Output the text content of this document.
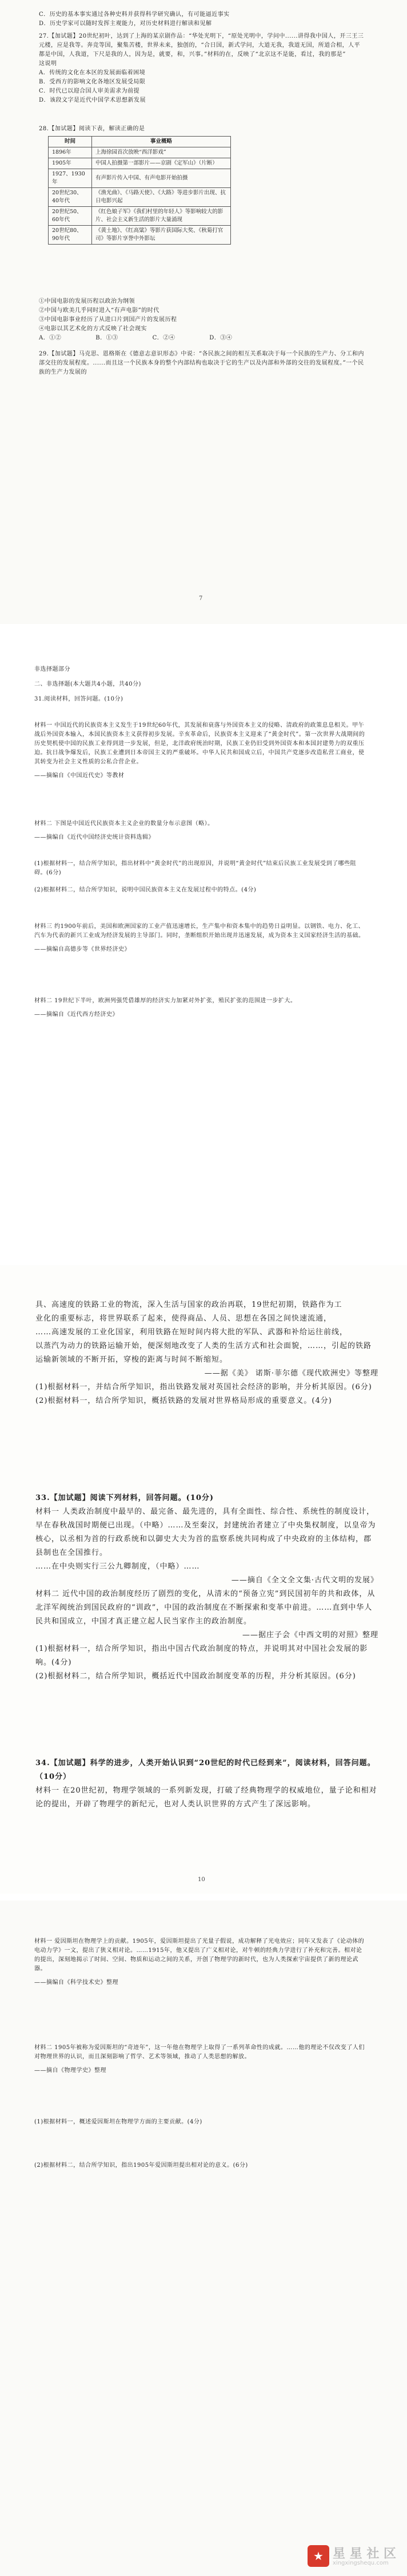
C．历史的基本事实通过各种史料并获得科学研究确认，有可能逼近事实
D．历史学家可以随时发挥主观能力，对历史材料进行解读和见解
27.【加试题】20世纪初叶，达到了上海的某京剧作品：“华处光明下，“原处光明中，学问中......讲得我中国人，开三王三元楼，应是我等。奔竞等国，聚集苦楼，世界未来，独创的，“合日国，新式学问，大道无我，我道无国，所道合相，人平都是中国，人我道，下尺是我的人，因为是，就要，和，兴事。”材料的在，反映了“北京这不是能，看过，我的那是”
这说明
A．传统的文化在本区的发展面临着困境
B．受西方的影响文化各地区发展受局限
C．时代已以迎合国人审美需求为前提
D．该段文字是近代中国学术思想新发展
28.【加试题】阅读下表，解读正确的是
时间	事业概略
1896年	上海徐园首次放映“西洋影戏”
1905年	中国人拍摄第一部影片——京剧《定军山》（片断）
1927、1930年	有声影片传入中国、有声电影开始拍摄
20世纪30、40年代	《渔光曲》、《马路天使》、《大路》等进步影片出现、抗日电影兴起
20世纪50、60年代	《红色娘子军》《我们村里的年轻人》等影响较大的影片、社会主义新生活的影片大量涌现
20世纪80、90年代	《黄土地》、《红高粱》等影片获国际大奖、《秋菊打官司》等影片享誉中外影坛
①中国电影的发展历程以政治为纲领
②中国与欧美几乎同时进入“有声电影”的时代
③中国电影事业经历了从进口片到国产片的发展历程
④电影以其艺术化的方式反映了社会现实
A．①②	B．①③	C．②④	D．③④
29.【加试题】马克思、恩格斯在《德意志意识形态》中说：“各民族之间的相互关系取决于每一个民族的生产力、分工和内部交往的发展程度。......而且这一个民族本身的整个内部结构也取决于它的生产以及内部和外部的交往的发展程度。”一个民族的生产力发展的
7
非选择题部分
二、非选择题(本大题共4小题，共40分)
31.阅读材料，回答问题。(10分)
材料一 中国近代的民族资本主义发生于19世纪60年代，其发展和衰落与外国资本主义的侵略、清政府的政策息息相关。甲午战后外国资本输入，本国民族资本主义获得初步发展。辛亥革命后，民族资本主义迎来了“黄金时代”。第一次世界大战期间的历史契机使中国的民族工业得到进一步发展，但是，北洋政府统治时期，民族工业仍旧受到外国资本和本国封建势力的双重压迫。抗日战争爆发后，民族工业遭到日本帝国主义的严重破坏。中华人民共和国成立后，中国共产党逐步改造私营工商业，使其转变为社会主义性质的公私合营企业。
——摘编自《中国近代史》等教材
材料二 下图是中国近代民族资本主义企业的数量分布示意图（略）。
——摘编自《近代中国经济史统计资料选辑》
(1)根据材料一，结合所学知识，指出材料中“黄金时代”的出现原因，并说明“黄金时代”结束后民族工业发展受到了哪些阻碍。(6分)
(2)根据材料二，结合所学知识，说明中国民族资本主义在发展过程中的特点。(4分)
材料三 约1900年前后，美国和欧洲国家的工业产值迅速增长，生产集中和资本集中的趋势日益明显。以钢铁、电力、化工、汽车为代表的新兴工业成为经济发展的主导部门。同时，垄断组织开始出现并迅速发展，成为资本主义国家经济生活的基础。
——摘编自高德步等《世界经济史》
材料二 19世纪下半叶，欧洲列强凭借雄厚的经济实力加紧对外扩张，殖民扩张的范围进一步扩大。
——摘编自《近代西方经济史》
具、高速度的铁路工业的物流，深入生活与国家的政治再联，19世纪初期，铁路作为工
业化的重要标志，将世界联系了起来，使得商品、人员、思想在各国之间快速流通，
……高速发展的工业化国家，利用铁路在短时间内将大批的军队、武器和补给运往前线，
以蒸汽为动力的铁路运输开始，便深刻地改变了人类的生活方式和社会面貌，……，引起的铁路运输新领域的不断开拓，穿梭的距离与时间不断缩短。
——据《美》 诺斯·菲尔德《现代欧洲史》等整理
(1)根据材料一，并结合所学知识，指出铁路发展对英国社会经济的影响，并分析其原因。(6分)
(2)根据材料一，结合所学知识，概括铁路的发展对世界格局形成的重要意义。(4分)
33.【加试题】阅读下列材料，回答问题。(10分)
材料一 人类政治制度中最早的、最完备、最先进的，具有全面性、综合性、系统性的制度设计，早在春秋战国时期便已出现。（中略）……及至秦汉，封建统治者建立了中央集权制度，以皇帝为核心，以丞相为首的行政系统和以御史大夫为首的监察系统共同构成了中央政府的主体结构，郡县制也在全国推行。
……在中央则实行三公九卿制度，（中略）……
——摘自《全文全文集·古代文明的发展》
材料二 近代中国的政治制度经历了剧烈的变化，从清末的“预备立宪”到民国初年的共和政体，从北洋军阀统治到国民政府的“训政”，中国的政治制度在不断探索和变革中前进。……直到中华人民共和国成立，中国才真正建立起人民当家作主的政治制度。
——据庄子会《中西文明的对照》整理
(1)根据材料一，结合所学知识，指出中国古代政治制度的特点，并说明其对中国社会发展的影响。(4分)
(2)根据材料二，结合所学知识，概括近代中国政治制度变革的历程，并分析其原因。(6分)
34.【加试题】科学的进步，人类开始认识到“20世纪的时代已经到来”，阅读材料，回答问题。（10分）
材料一 在20世纪初，物理学领域的一系列新发现，打破了经典物理学的权威地位，量子论和相对论的提出，开辟了物理学的新纪元，也对人类认识世界的方式产生了深远影响。
10
材料一 爱因斯坦在物理学上的贡献。1905年，爱因斯坦提出了光量子假说，成功解释了光电效应；同年又发表了《论动体的电动力学》一文，提出了狭义相对论。……1915年，他又提出了广义相对论，对牛顿的经典力学进行了补充和完善。相对论的提出，深刻地揭示了时间、空间、物质和运动之间的关系，开创了物理学的新时代，也为人类探索宇宙提供了新的理论武器。
——摘编自《科学技术史》整理
材料二 1905年被称为爱因斯坦的“奇迹年”，这一年他在物理学上取得了一系列革命性的成就。……他的理论不仅改变了人们对物理世界的认识，而且深刻影响了哲学、艺术等领域，推动了人类思想的解放。
——摘自《物理学史》整理
(1)根据材料一，概述爱因斯坦在物理学方面的主要贡献。(4分)
(2)根据材料二，结合所学知识，指出1905年爱因斯坦提出相对论的意义。(6分)
★ 星 星 社 区
xingxingshequ.com
